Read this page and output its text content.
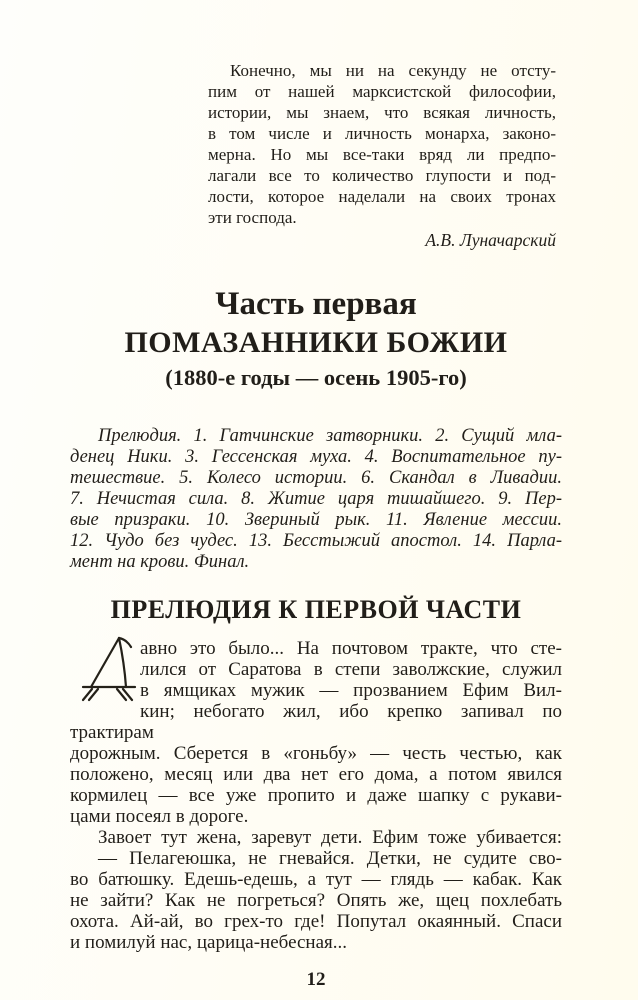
Конечно, мы ни на секунду не отсту-
пим от нашей марксистской философии,
истории, мы знаем, что всякая личность,
в том числе и личность монарха, законо-
мерна. Но мы все-таки вряд ли предпо-
лагали все то количество глупости и под-
лости, которое наделали на своих тронах
эти господа.
А.В. Луначарский
Часть первая
ПОМАЗАННИКИ БОЖИИ
(1880-е годы — осень 1905-го)
Прелюдия. 1. Гатчинские затворники. 2. Сущий мла-
денец Ники. 3. Гессенская муха. 4. Воспитательное пу-
тешествие. 5. Колесо истории. 6. Скандал в Ливадии.
7. Нечистая сила. 8. Житие царя тишайшего. 9. Пер-
вые призраки. 10. Звериный рык. 11. Явление мессии.
12. Чудо без чудес. 13. Бесстыжий апостол. 14. Парла-
мент на крови. Финал.
ПРЕЛЮДИЯ К ПЕРВОЙ ЧАСТИ
авно это было... На почтовом тракте, что сте-
лился от Саратова в степи заволжские, служил
в ямщиках мужик — прозванием Ефим Вил-
кин; небогато жил, ибо крепко запивал по трактирам
дорожным. Сберется в «гоньбу» — честь честью, как
положено, месяц или два нет его дома, а потом явился
кормилец — все уже пропито и даже шапку с рукави-
цами посеял в дороге.
Завоет тут жена, заревут дети. Ефим тоже убивается:
— Пелагеюшка, не гневайся. Детки, не судите сво-
во батюшку. Едешь-едешь, а тут — глядь — кабак. Как
не зайти? Как не погреться? Опять же, щец похлебать
охота. Ай-ай, во грех-то где! Попутал окаянный. Спаси
и помилуй нас, царица-небесная...
12
